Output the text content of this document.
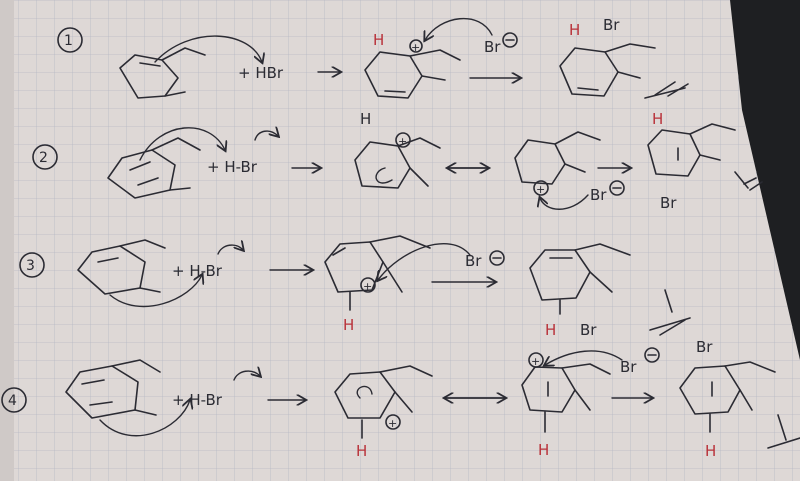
1
+ HBr
+
H	Br
H Br
2	+ H-Br
+
H
+	Br
H
Br
3	+ H-Br
+
H
Br
H Br
4	+ H-Br
+
H
+
H
Br
Br
H
